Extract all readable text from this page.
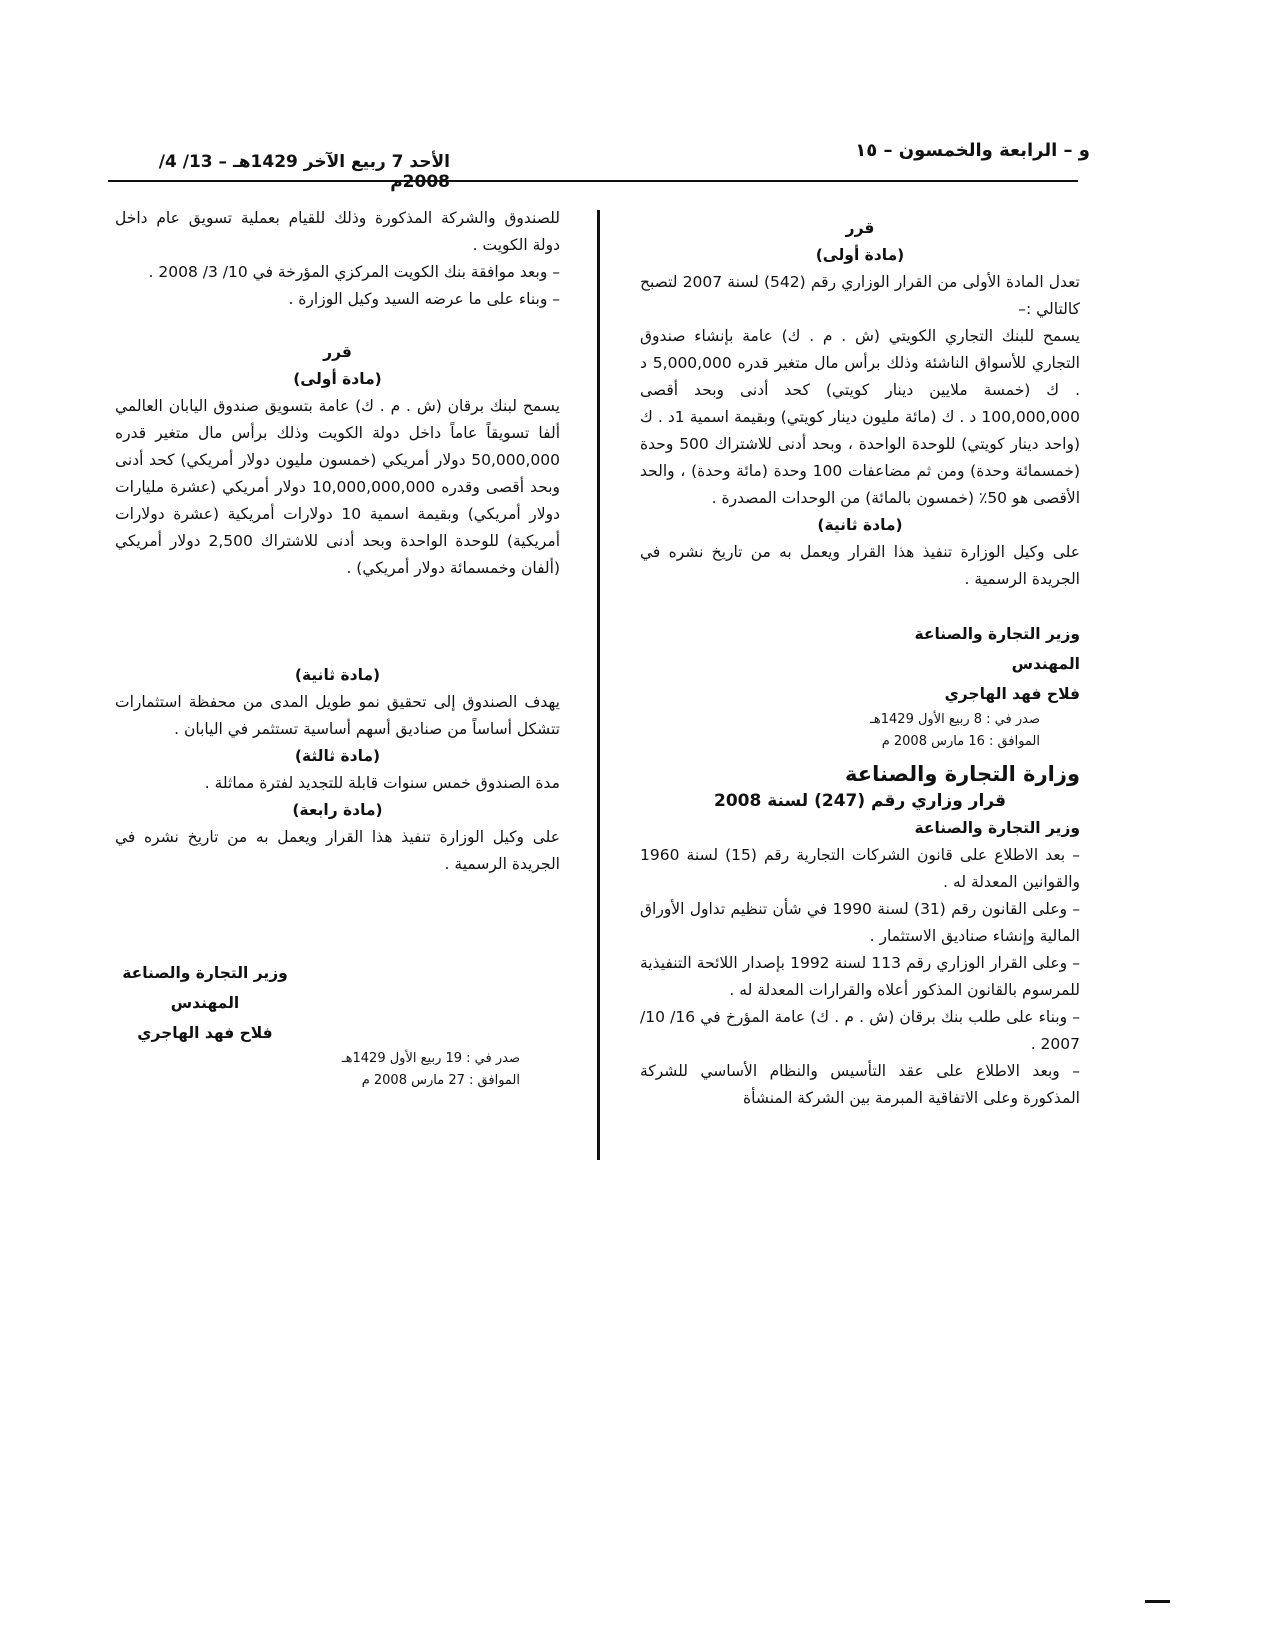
و – الرابعة والخمسون – ١٥
الأحد 7 ربيع الآخر 1429هـ – 13/ 4/ 2008م
قرر
(مادة أولى)

تعدل المادة الأولى من القرار الوزاري رقم (542) لسنة 2007 لتصبح كالتالي :–

يسمح للبنك التجاري الكويتي (ش . م . ك) عامة بإنشاء صندوق التجاري للأسواق الناشئة وذلك برأس مال متغير قدره 5,000,000 د . ك (خمسة ملايين دينار كويتي) كحد أدنى وبحد أقصى 100,000,000 د . ك (مائة مليون دينار كويتي) وبقيمة اسمية 1د . ك (واحد دينار كويتي) للوحدة الواحدة ، وبحد أدنى للاشتراك 500 وحدة (خمسمائة وحدة) ومن ثم مضاعفات 100 وحدة (مائة وحدة) ، والحد الأقصى هو 50٪ (خمسون بالمائة) من الوحدات المصدرة .

(مادة ثانية)

على وكيل الوزارة تنفيذ هذا القرار ويعمل به من تاريخ نشره في الجريدة الرسمية .

وزير التجارة والصناعة
المهندس
فلاح فهد الهاجري
صدر في : 8 ربيع الأول 1429هـ
الموافق : 16 مارس 2008 م
وزارة التجارة والصناعة
قرار وزاري رقم (247) لسنة 2008
وزير التجارة والصناعة

– بعد الاطلاع على قانون الشركات التجارية رقم (15) لسنة 1960 والقوانين المعدلة له .

– وعلى القانون رقم (31) لسنة 1990 في شأن تنظيم تداول الأوراق المالية وإنشاء صناديق الاستثمار .

– وعلى القرار الوزاري رقم 113 لسنة 1992 بإصدار اللائحة التنفيذية للمرسوم بالقانون المذكور أعلاه والقرارات المعدلة له .

– وبناء على طلب بنك برقان (ش . م . ك) عامة المؤرخ في 16/ 10/ 2007 .

– وبعد الاطلاع على عقد التأسيس والنظام الأساسي للشركة المذكورة وعلى الاتفاقية المبرمة بين الشركة المنشأة

للصندوق والشركة المذكورة وذلك للقيام بعملية تسويق عام داخل دولة الكويت .

– وبعد موافقة بنك الكويت المركزي المؤرخة في 10/ 3/ 2008 .

– وبناء على ما عرضه السيد وكيل الوزارة .

قرر
(مادة أولى)

يسمح لبنك برقان (ش . م . ك) عامة بتسويق صندوق اليابان العالمي ألفا تسويقاً عاماً داخل دولة الكويت وذلك برأس مال متغير قدره 50,000,000 دولار أمريكي (خمسون مليون دولار أمريكي) كحد أدنى وبحد أقصى وقدره 10,000,000,000 دولار أمريكي (عشرة مليارات دولار أمريكي) وبقيمة اسمية 10 دولارات أمريكية (عشرة دولارات أمريكية) للوحدة الواحدة وبحد أدنى للاشتراك 2,500 دولار أمريكي (ألفان وخمسمائة دولار أمريكي) .

(مادة ثانية)

يهدف الصندوق إلى تحقيق نمو طويل المدى من محفظة استثمارات تتشكل أساساً من صناديق أسهم أساسية تستثمر في اليابان .

(مادة ثالثة)

مدة الصندوق خمس سنوات قابلة للتجديد لفترة مماثلة .

(مادة رابعة)

على وكيل الوزارة تنفيذ هذا القرار ويعمل به من تاريخ نشره في الجريدة الرسمية .

وزير التجارة والصناعة
المهندس
فلاح فهد الهاجري
صدر في : 19 ربيع الأول 1429هـ
الموافق : 27 مارس 2008 م
